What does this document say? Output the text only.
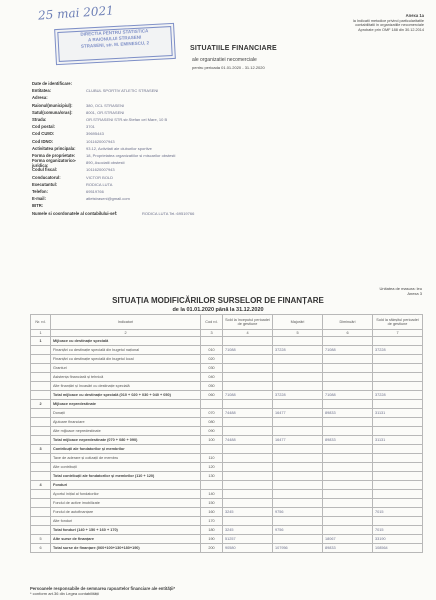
25 mai 2021
DIRECTIA PENTRU STATISTICA
A RAIONULUI STRASENI
STRASENI, str. M. EMINESCU, 2
Anexa 1a
la Indicatii metodice privind particularitatile
contabilitatii in organizatiile necomerciale
Aprobate prin OMF 188 din 30.12.2014
SITUATIILE FINANCIARE
ale organizatiei necomerciale
pentru perioada 01.01.2020 - 31.12.2020
Date de identificare:
Entitatea:	CLUBUL SPORTIV ATLETIC STRASENI
Adresa:
Raionul(municipiul):	380, OCL STRASENI
Satul(comuna/oras):	8001, OR.STRASENI
Strada:	OR.STRASENI STR.str.Stefan cel Mare, 10 B
Cod postal:	3701
Cod CUIIO:	39695443
Cod IDNO:	1011620007943
Activitatea principala:	93.12, Activitati ale cluburilor sportive
Forma de proprietate:	18, Proprietatea organizatiilor si miscarilor obstesti
Forma organizatorico-juridica:	890, Asociatii obstesti
Codul fiscal:	1011620007943
Conducatorul:	VICTOR BOLD
Executantul:	RODICA LUTA
Telefon:	69519766
E-mail:	atletstraseni@gmail.com
IBTR:
Numele si coordonatele al contabilului-sef:	RODICA LUTA Tel.:69519766
Unitatea de masura: leu
Anexa 3
SITUAȚIA MODIFICĂRILOR SURSELOR DE FINANȚARE
de la 01.01.2020 până la 31.12.2020
Nr. rd.	Indicatori	Cod rd.	Sold la începutul perioadei de gestiune	Majorări	Diminuări	Sold la sfârșitul perioadei de gestiune
1	2	3	4	5	6	7
1	Mijloace cu destinație specială					
	Finanțări cu destinație specială din bugetul național	010	71088	37228	71088	37228
	Finanțări cu destinație specială din bugetul local	020				
	Granturi	030				
	Asistența financiară și tehnică	040				
	Alte finanțări și încasări cu destinație specială	050				
	Total mijloace cu destinație specială (010 + 020 + 030 + 040 + 050)	060	71088	37228	71088	37228
2	Mijloace nepredestinate					
	Donații	070	74488	16477	89833	31131
	Ajutoare financiare	080				
	Alte mijloace nepredestinate	090				
	Total mijloace nepredestinate (070 + 080 + 090)	100	74488	16477	89833	31131
3	Contribuții ale fondatorilor și membrilor					
	Taxe de aderare și cotizații de membru	110				
	Alte contribuții	120				
	Total contribuții ale fondatorilor și membrilor (110 + 120)	130				
4	Fonduri					
	Aportul inițial al fondatorilor	140				
	Fondul de active imobilizate	150				
	Fondul de autofinanțare	160	3245	9756		7015
	Alte fonduri	170				
	Total fonduri (140 + 150 + 160 + 170)	180	3245	9756		7015
5	Alte surse de finanțare	190	51257		18067	33190
6	Total surse de finanțare (060+100+130+180+190)	200	90580	107956	89833	108564
Persoanele responsabile de semnarea rapoartelor financiare ale entității*
* conform art.36 din Legea contabilității
